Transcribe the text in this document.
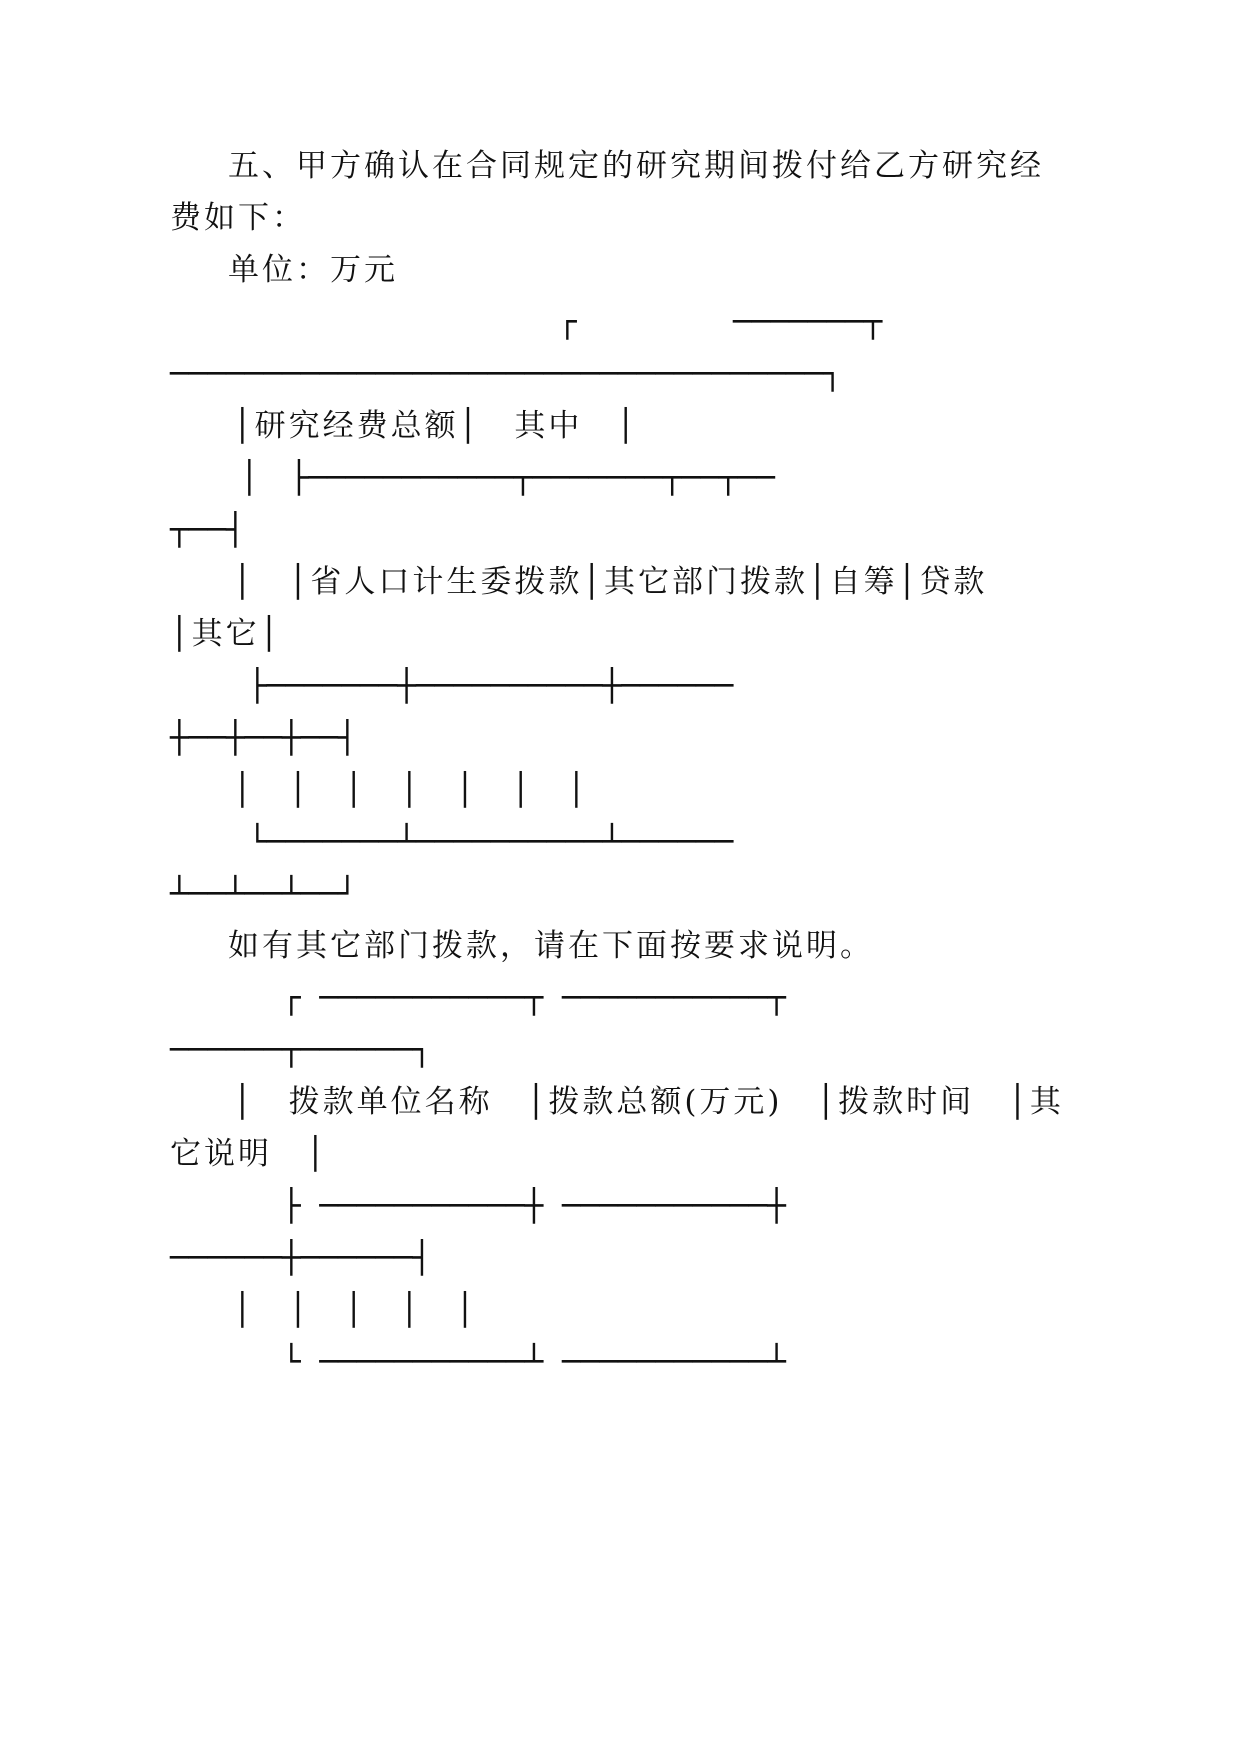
五、甲方确认在合同规定的研究期间拨付给乙方研究经

费如下：

单位：万元

┌	───────┬

───────────────────────────────────┐

│研究经费总额│　其中　│

│　├───────────┬───────┬──┬──

┬──┤

│　│省人口计生委拨款│其它部门拨款│自筹│贷款

│其它│

├───────┼──────────┼──────

┼──┼──┼──┤

│　│　│　│　│　│　│

└───────┴──────────┴──────

┴──┴──┴──┘

如有其它部门拨款，请在下面按要求说明。

┌ ───────────┬ ───────────┬

──────┬──────┐

│　拨款单位名称　│拨款总额(万元)　│拨款时间　│其

它说明　│

├ ───────────┼ ───────────┼

──────┼──────┤

│　│　│　│　│

└ ───────────┴ ───────────┴
